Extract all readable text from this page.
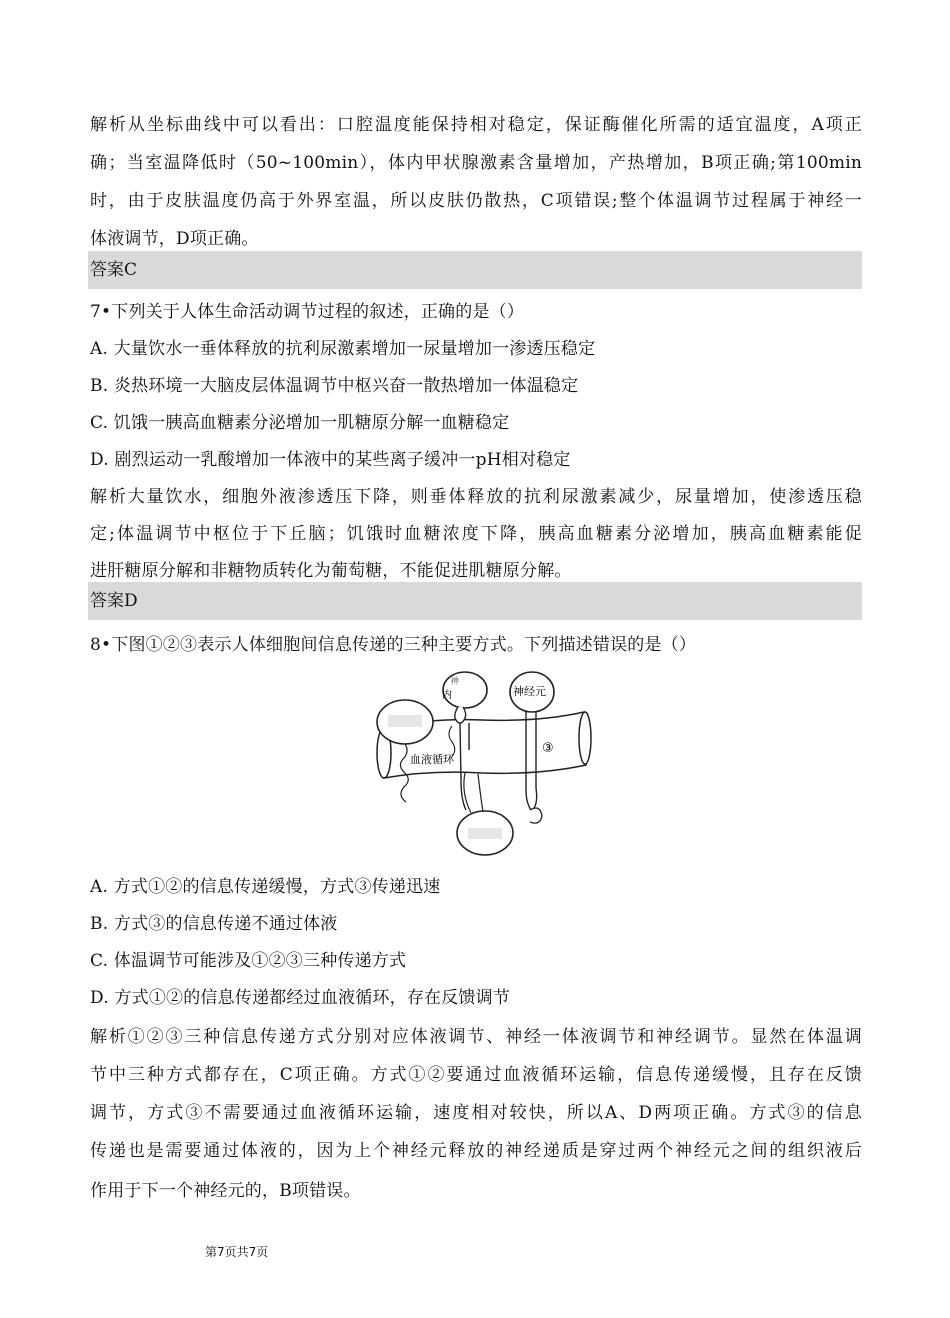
解析从坐标曲线中可以看出：口腔温度能保持相对稳定，保证酶催化所需的适宜温度，A项正
确；当室温降低时（50~100min），体内甲状腺激素含量增加，产热增加，B项正确;第100min
时，由于皮肤温度仍高于外界室温，所以皮肤仍散热，C项错误;整个体温调节过程属于神经一
体液调节，D项正确。
答案C
7•下列关于人体生命活动调节过程的叙述，正确的是（）
A. 大量饮水一垂体释放的抗利尿激素增加一尿量增加一渗透压稳定
B. 炎热环境一大脑皮层体温调节中枢兴奋一散热增加一体温稳定
C. 饥饿一胰高血糖素分泌增加一肌糖原分解一血糖稳定
D. 剧烈运动一乳酸增加一体液中的某些离子缓冲一pH相对稳定
解析大量饮水，细胞外液渗透压下降，则垂体释放的抗利尿激素减少，尿量增加，使渗透压稳
定;体温调节中枢位于下丘脑；饥饿时血糖浓度下降，胰高血糖素分泌增加，胰高血糖素能促
进肝糖原分解和非糖物质转化为葡萄糖，不能促进肌糖原分解。
答案D
8•下图①②③表示人体细胞间信息传递的三种主要方式。下列描述错误的是（）
血液循环
神
内	神经元
③
A. 方式①②的信息传递缓慢，方式③传递迅速
B. 方式③的信息传递不通过体液
C. 体温调节可能涉及①②③三种传递方式
D. 方式①②的信息传递都经过血液循环，存在反馈调节
解析①②③三种信息传递方式分别对应体液调节、神经一体液调节和神经调节。显然在体温调
节中三种方式都存在，C项正确。方式①②要通过血液循环运输，信息传递缓慢，且存在反馈
调节，方式③不需要通过血液循环运输，速度相对较快，所以A、D两项正确。方式③的信息
传递也是需要通过体液的，因为上个神经元释放的神经递质是穿过两个神经元之间的组织液后
作用于下一个神经元的，B项错误。
第7页共7页
